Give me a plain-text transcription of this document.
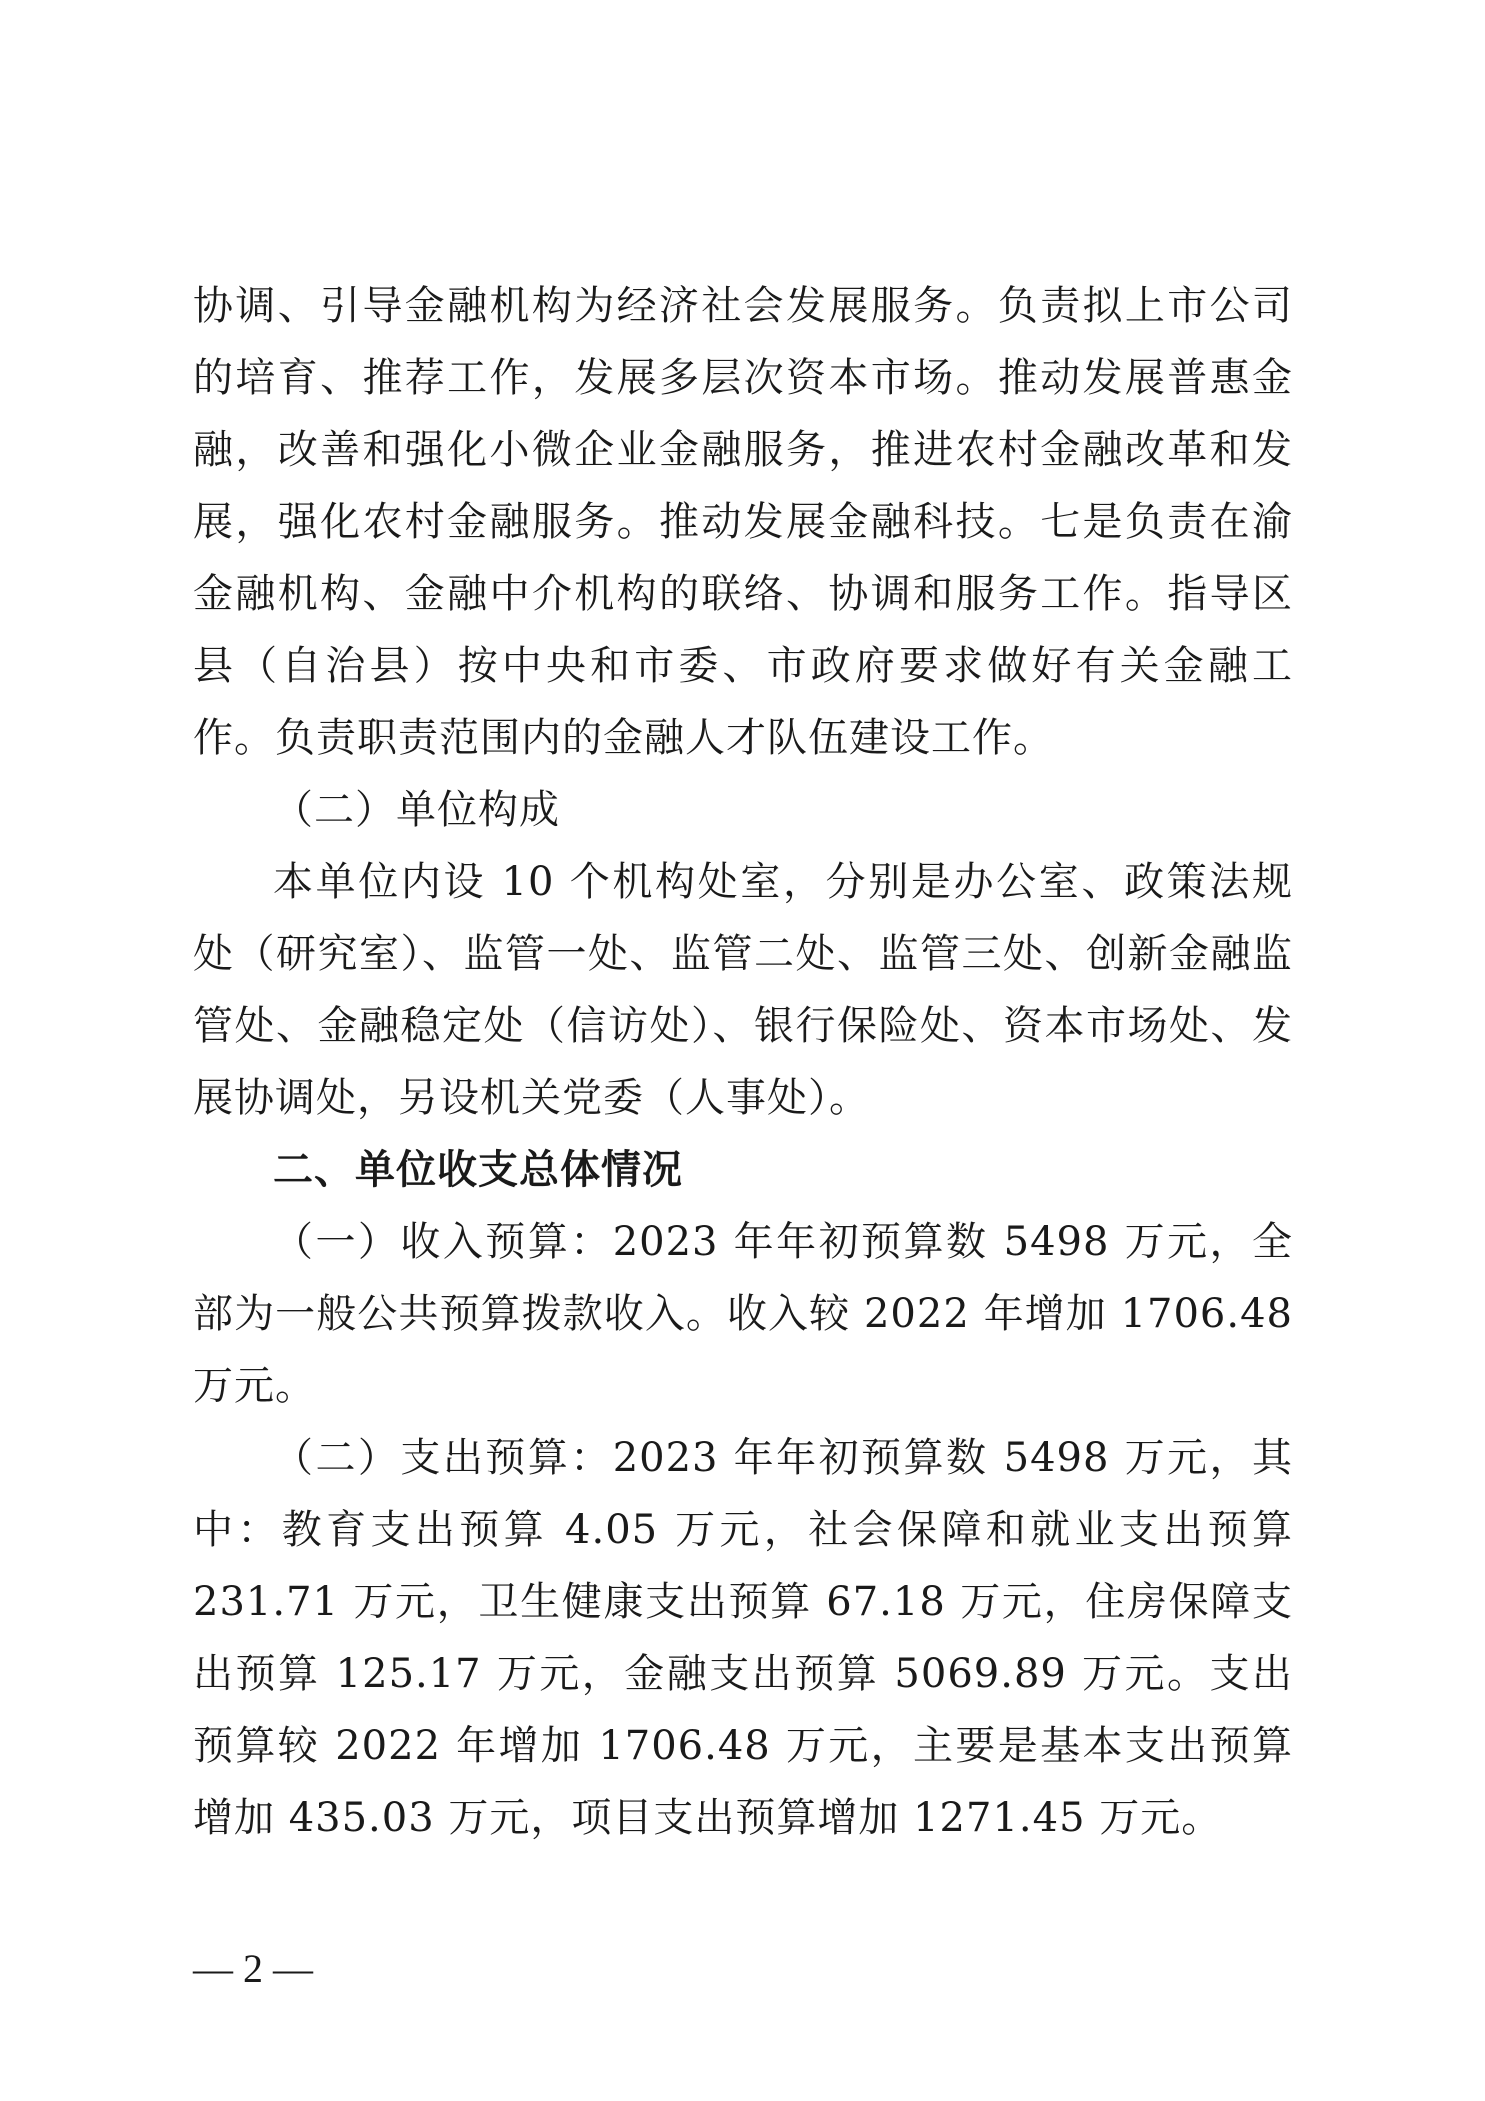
协调、引导金融机构为经济社会发展服务。负责拟上市公司的培育、推荐工作，发展多层次资本市场。推动发展普惠金融，改善和强化小微企业金融服务，推进农村金融改革和发展，强化农村金融服务。推动发展金融科技。七是负责在渝金融机构、金融中介机构的联络、协调和服务工作。指导区县（自治县）按中央和市委、市政府要求做好有关金融工作。负责职责范围内的金融人才队伍建设工作。

（二）单位构成

本单位内设 10 个机构处室，分别是办公室、政策法规处（研究室）、监管一处、监管二处、监管三处、创新金融监管处、金融稳定处（信访处）、银行保险处、资本市场处、发展协调处，另设机关党委（人事处）。

二、单位收支总体情况

（一）收入预算：2023 年年初预算数 5498 万元，全部为一般公共预算拨款收入。收入较 2022 年增加 1706.48 万元。

（二）支出预算：2023 年年初预算数 5498 万元，其中：教育支出预算 4.05 万元，社会保障和就业支出预算 231.71 万元，卫生健康支出预算 67.18 万元，住房保障支出预算 125.17 万元，金融支出预算 5069.89 万元。支出预算较 2022 年增加 1706.48 万元，主要是基本支出预算增加 435.03 万元，项目支出预算增加 1271.45 万元。

— 2 —
